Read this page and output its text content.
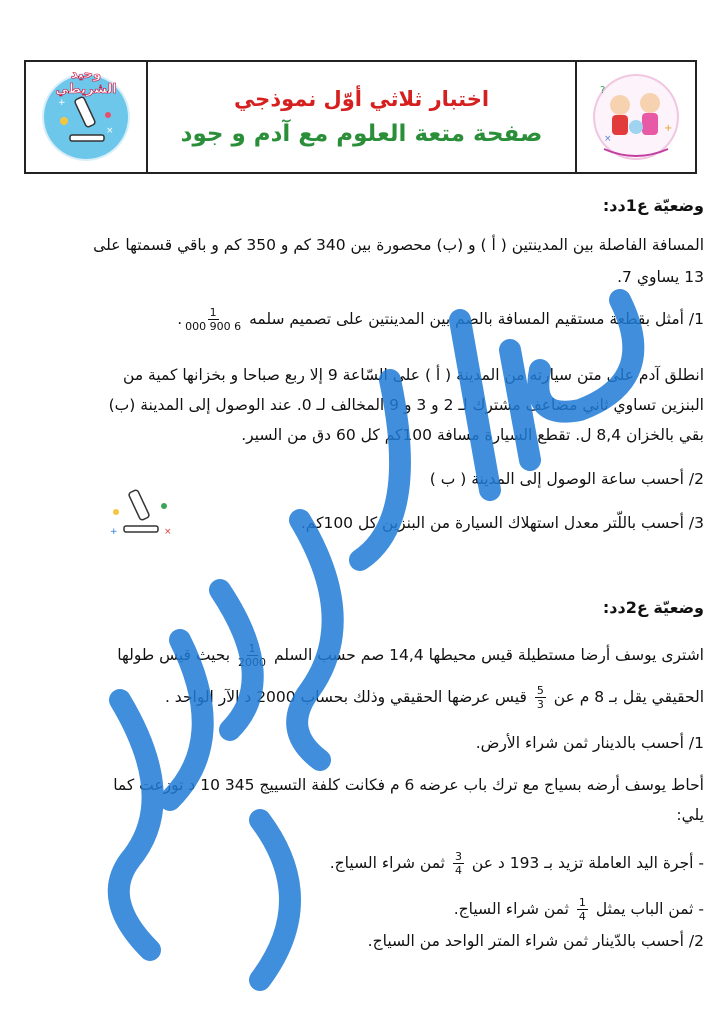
وحيد الشريطي
+
×
اختبار ثلاثي أوّل نموذجي
صفحة متعة العلوم مع آدم و جود
?
+
×
وضعيّة ع1دد:
المسافة الفاصلة بين المدينتين ( أ ) و (ب) محصورة بين 340 كم و 350 كم و باقي قسمتها على
13 يساوي 7.
1/ أمثل بقطعة مستقيم المسافة بالصم بين المدينتين على تصميم سلمه
$\frac{1}{6 900 000}$
.
انطلق آدم على متن سيارته من المدينة ( أ ) على السّاعة 9 إلا ربع صباحا و بخزانها كمية من
البنزين تساوي ثاني مضاعف مشترك لـ 2 و 3 و 9 المخالف لـ 0. عند الوصول إلى المدينة (ب)
بقي بالخزان 8,4 ل. تقطع السيارة مسافة 100كم كل 60 دق من السير.
2/ أحسب ساعة الوصول إلى المدينة ( ب )
3/ أحسب باللّتر معدل استهلاك السيارة من البنزين كل 100كم.
+	×
وضعيّة ع2دد:
اشترى يوسف أرضا مستطيلة قيس محيطها 14,4 صم حسب السلم
$\frac{1}{2000}$
بحيث قيس طولها
الحقيقي يقل بـ 8 م عن
$\frac{5}{3}$
قيس عرضها الحقيقي وذلك بحساب 2000 د الآر الواحد .
1/ أحسب بالدينار ثمن شراء الأرض.
أحاط يوسف أرضه بسياج مع ترك باب عرضه 6 م فكانت كلفة التسييج 345 10 د توزعت كما
يلي:
- أجرة اليد العاملة تزيد بـ 193 د عن
$\frac{3}{4}$
ثمن شراء السياج.
- ثمن الباب يمثل
$\frac{1}{4}$
ثمن شراء السياج.
2/ أحسب بالدّينار ثمن شراء المتر الواحد من السياج.
